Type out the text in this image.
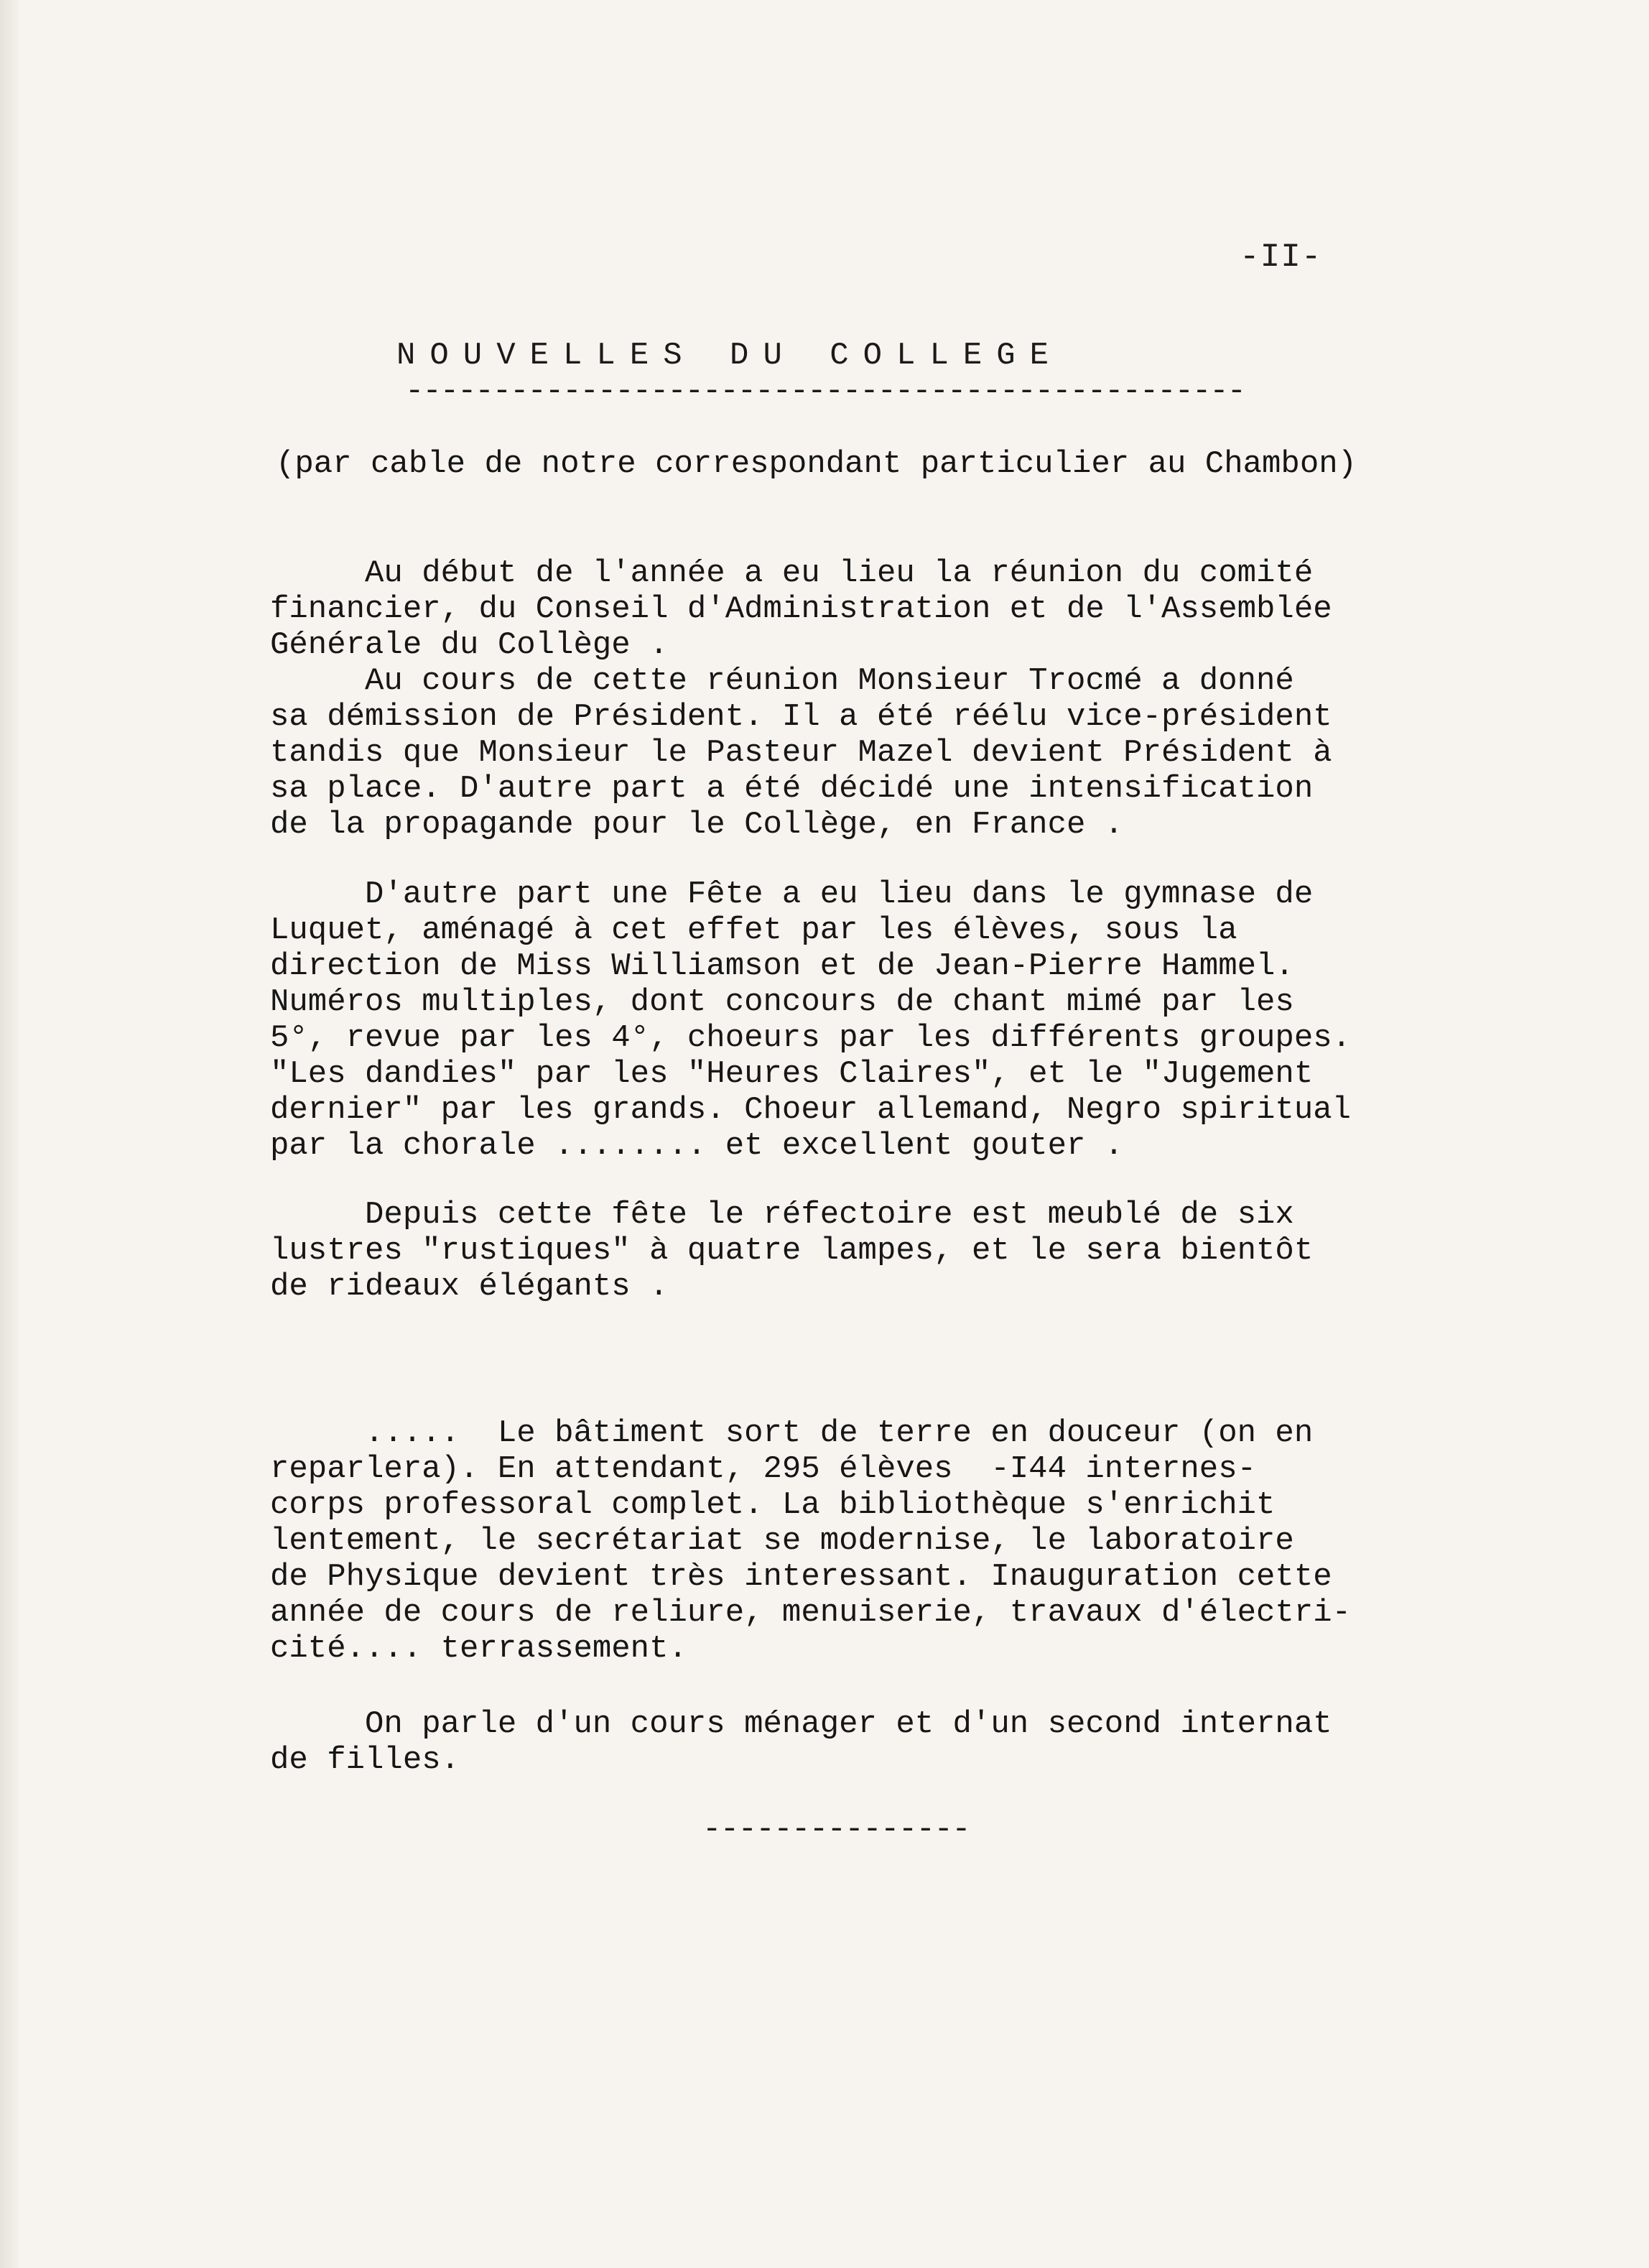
-II-
NOUVELLES DU COLLEGE
------------------------------------------------
(par cable de notre correspondant particulier au Chambon)
Au début de l'année a eu lieu la réunion du comité
financier, du Conseil d'Administration et de l'Assemblée
Générale du Collège .
Au cours de cette réunion Monsieur Trocmé a donné
sa démission de Président. Il a été réélu vice-président
tandis que Monsieur le Pasteur Mazel devient Président à
sa place. D'autre part a été décidé une intensification
de la propagande pour le Collège, en France .
D'autre part une Fête a eu lieu dans le gymnase de
Luquet, aménagé à cet effet par les élèves, sous la
direction de Miss Williamson et de Jean-Pierre Hammel.
Numéros multiples, dont concours de chant mimé par les
5°, revue par les 4°, choeurs par les différents groupes.
"Les dandies" par les "Heures Claires", et le "Jugement
dernier" par les grands. Choeur allemand, Negro spiritual
par la chorale ........ et excellent gouter .
Depuis cette fête le réfectoire est meublé de six
lustres "rustiques" à quatre lampes, et le sera bientôt
de rideaux élégants .
.....  Le bâtiment sort de terre en douceur (on en
reparlera). En attendant, 295 élèves  -I44 internes-
corps professoral complet. La bibliothèque s'enrichit
lentement, le secrétariat se modernise, le laboratoire
de Physique devient très interessant. Inauguration cette
année de cours de reliure, menuiserie, travaux d'électri-
cité.... terrassement.
On parle d'un cours ménager et d'un second internat
de filles.
---------------
